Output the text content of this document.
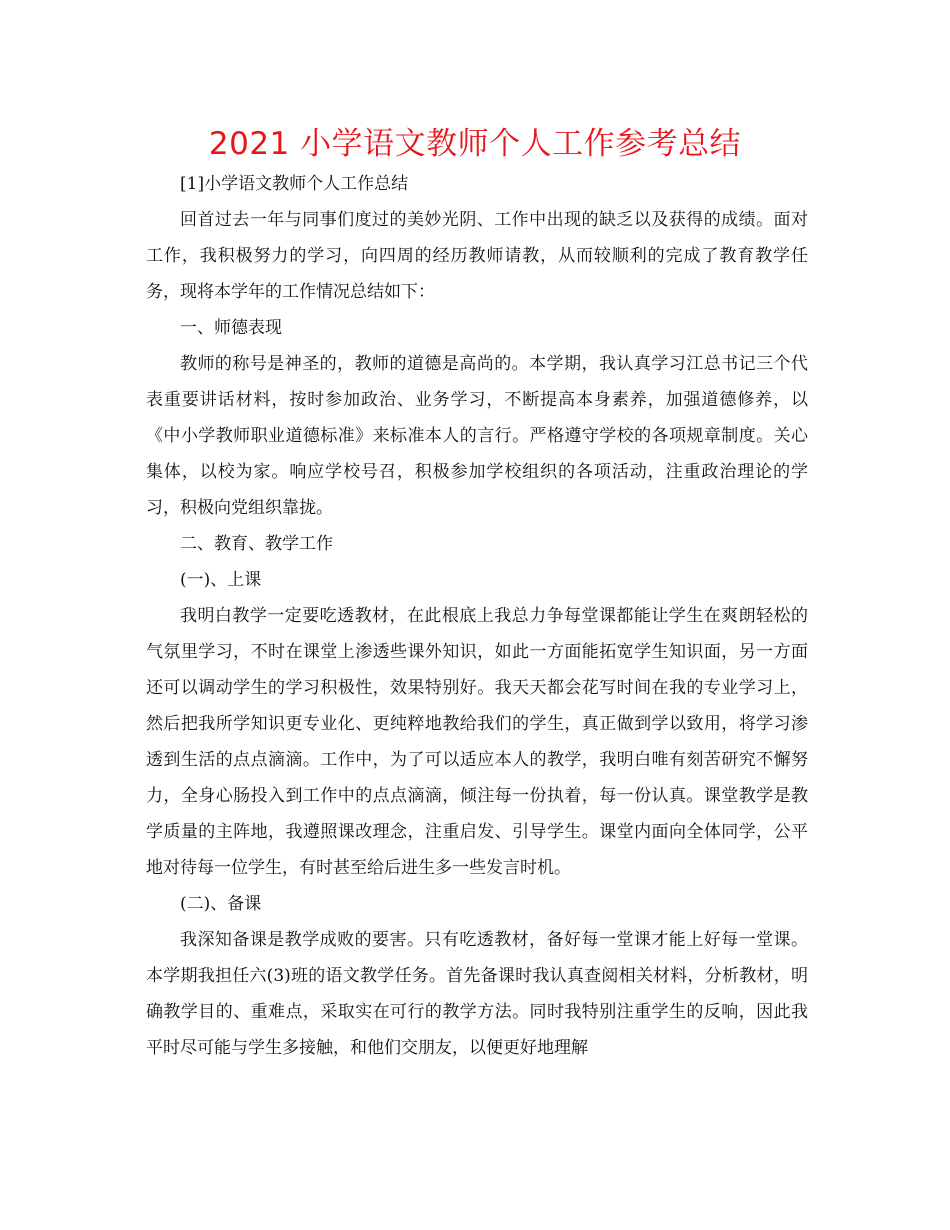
2021 小学语文教师个人工作参考总结

[1]小学语文教师个人工作总结

回首过去一年与同事们度过的美妙光阴、工作中出现的缺乏以及获得的成绩。面对工作，我积极努力的学习，向四周的经历教师请教，从而较顺利的完成了教育教学任务，现将本学年的工作情况总结如下：

一、师德表现

教师的称号是神圣的，教师的道德是高尚的。本学期，我认真学习江总书记三个代表重要讲话材料，按时参加政治、业务学习，不断提高本身素养，加强道德修养，以《中小学教师职业道德标准》来标准本人的言行。严格遵守学校的各项规章制度。关心集体，以校为家。响应学校号召，积极参加学校组织的各项活动，注重政治理论的学习，积极向党组织靠拢。

二、教育、教学工作

(一)、上课

我明白教学一定要吃透教材，在此根底上我总力争每堂课都能让学生在爽朗轻松的气氛里学习，不时在课堂上渗透些课外知识，如此一方面能拓宽学生知识面，另一方面还可以调动学生的学习积极性，效果特别好。我天天都会花写时间在我的专业学习上，然后把我所学知识更专业化、更纯粹地教给我们的学生，真正做到学以致用，将学习渗透到生活的点点滴滴。工作中，为了可以适应本人的教学，我明白唯有刻苦研究不懈努力，全身心肠投入到工作中的点点滴滴，倾注每一份执着，每一份认真。课堂教学是教学质量的主阵地，我遵照课改理念，注重启发、引导学生。课堂内面向全体同学，公平地对待每一位学生，有时甚至给后进生多一些发言时机。

(二)、备课

我深知备课是教学成败的要害。只有吃透教材，备好每一堂课才能上好每一堂课。本学期我担任六(3)班的语文教学任务。首先备课时我认真查阅相关材料，分析教材，明确教学目的、重难点，采取实在可行的教学方法。同时我特别注重学生的反响，因此我平时尽可能与学生多接触，和他们交朋友，以便更好地理解
